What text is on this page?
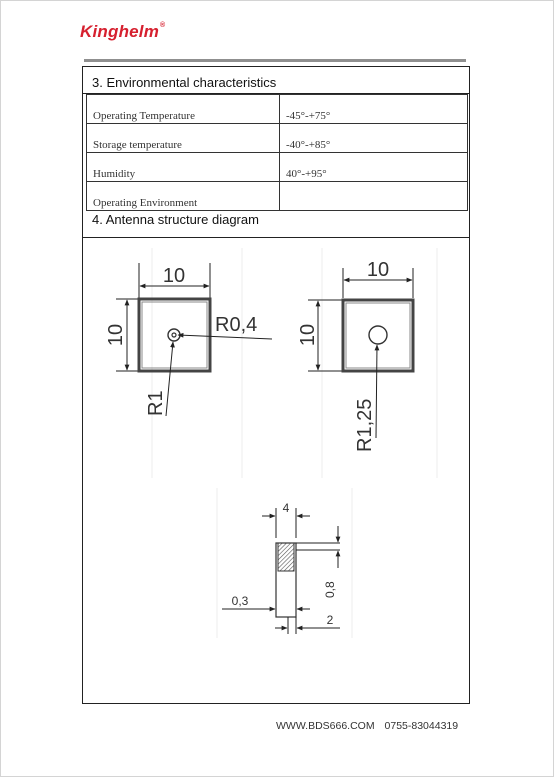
Kinghelm®
3. Environmental characteristics
Operating Temperature	-45°-+75°
Storage temperature	-40°-+85°
Humidity	40°-+95°
Operating Environment	
4. Antenna structure diagram
10
10	R0,4
R1
10
10
R1,25
4
0,8
0,3
2
WWW.BDS666.COM 0755-83044319
